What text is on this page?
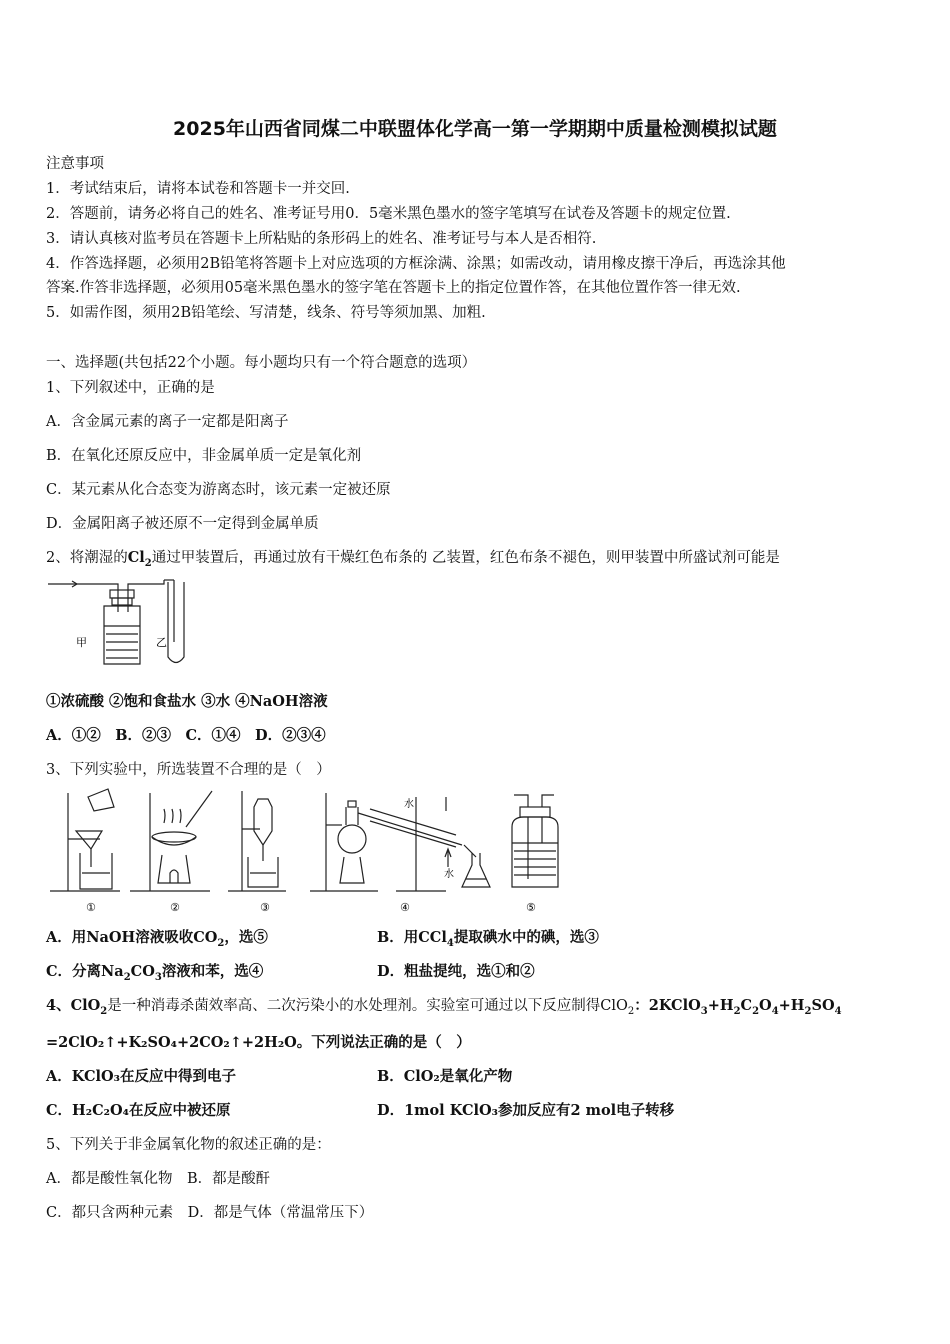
2025年山西省同煤二中联盟体化学高一第一学期期中质量检测模拟试题
注意事项
1．考试结束后，请将本试卷和答题卡一并交回.
2．答题前，请务必将自己的姓名、准考证号用0．5毫米黑色墨水的签字笔填写在试卷及答题卡的规定位置.
3．请认真核对监考员在答题卡上所粘贴的条形码上的姓名、准考证号与本人是否相符.
4．作答选择题，必须用2B铅笔将答题卡上对应选项的方框涂满、涂黑；如需改动，请用橡皮擦干净后，再选涂其他
答案.作答非选择题，必须用05毫米黑色墨水的签字笔在答题卡上的指定位置作答，在其他位置作答一律无效.
5．如需作图，须用2B铅笔绘、写清楚，线条、符号等须加黑、加粗.
一、选择题(共包括22个小题。每小题均只有一个符合题意的选项）
1、下列叙述中，正确的是
A．含金属元素的离子一定都是阳离子
B．在氧化还原反应中，非金属单质一定是氧化剂
C．某元素从化合态变为游离态时，该元素一定被还原
D．金属阳离子被还原不一定得到金属单质
2、将潮湿的$Cl_2$通过甲装置后，再通过放有干燥红色布条的 乙装置，红色布条不褪色，则甲装置中所盛试剂可能是
甲	乙
①浓硫酸 ②饱和食盐水 ③水 ④NaOH溶液
A．①②　B．②③　C．①④　D．②③④
3、下列实验中，所选装置不合理的是（　）
水
水
①	②	③	④	⑤
A．用NaOH溶液吸收$CO_2$，选⑤	B．用CCl$_4$提取碘水中的碘，选③
C．分离$Na_2CO_3$溶液和苯，选④	D．粗盐提纯，选①和②
4、ClO$_2$是一种消毒杀菌效率高、二次污染小的水处理剂。实验室可通过以下反应制得ClO$_2$：$2KClO_3+H_2C_2O_4+H_2SO_4$
=2ClO₂↑+K₂SO₄+2CO₂↑+2H₂O。下列说法正确的是（　）
A．KClO₃在反应中得到电子	B．ClO₂是氧化产物
C．H₂C₂O₄在反应中被还原	D．1mol KClO₃参加反应有2 mol电子转移
5、下列关于非金属氧化物的叙述正确的是：
A．都是酸性氧化物　B．都是酸酐
C．都只含两种元素　D．都是气体（常温常压下）
